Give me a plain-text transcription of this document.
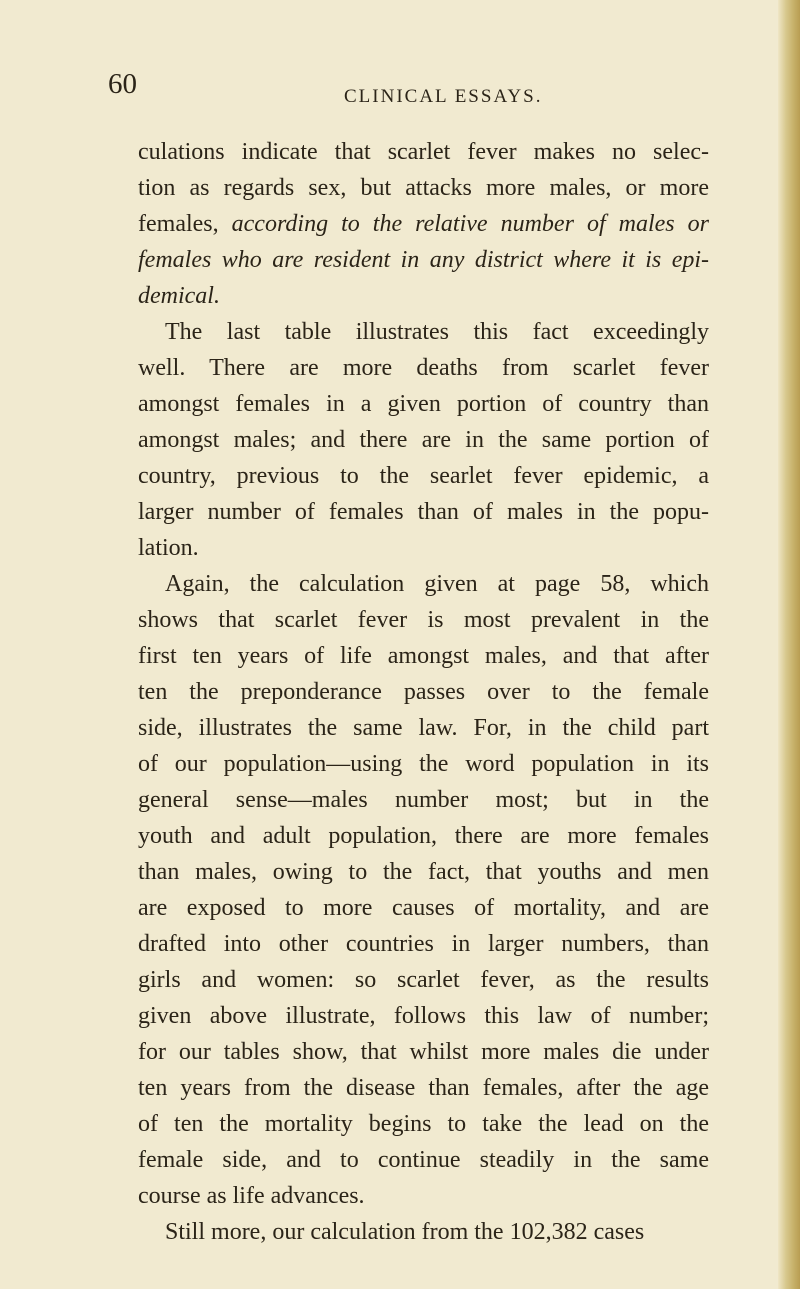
60	CLINICAL ESSAYS.
culations indicate that scarlet fever makes no selec-
tion as regards sex, but attacks more males, or more
females, according to the relative number of males or
females who are resident in any district where it is epi-
demical.
The last table illustrates this fact exceedingly
well. There are more deaths from scarlet fever
amongst females in a given portion of country than
amongst males; and there are in the same portion of
country, previous to the searlet fever epidemic, a
larger number of females than of males in the popu-
lation.
Again, the calculation given at page 58, which
shows that scarlet fever is most prevalent in the
first ten years of life amongst males, and that after
ten the preponderance passes over to the female
side, illustrates the same law. For, in the child part
of our population—using the word population in its
general sense—males number most; but in the
youth and adult population, there are more females
than males, owing to the fact, that youths and men
are exposed to more causes of mortality, and are
drafted into other countries in larger numbers, than
girls and women: so scarlet fever, as the results
given above illustrate, follows this law of number;
for our tables show, that whilst more males die under
ten years from the disease than females, after the age
of ten the mortality begins to take the lead on the
female side, and to continue steadily in the same
course as life advances.
Still more, our calculation from the 102,382 cases
